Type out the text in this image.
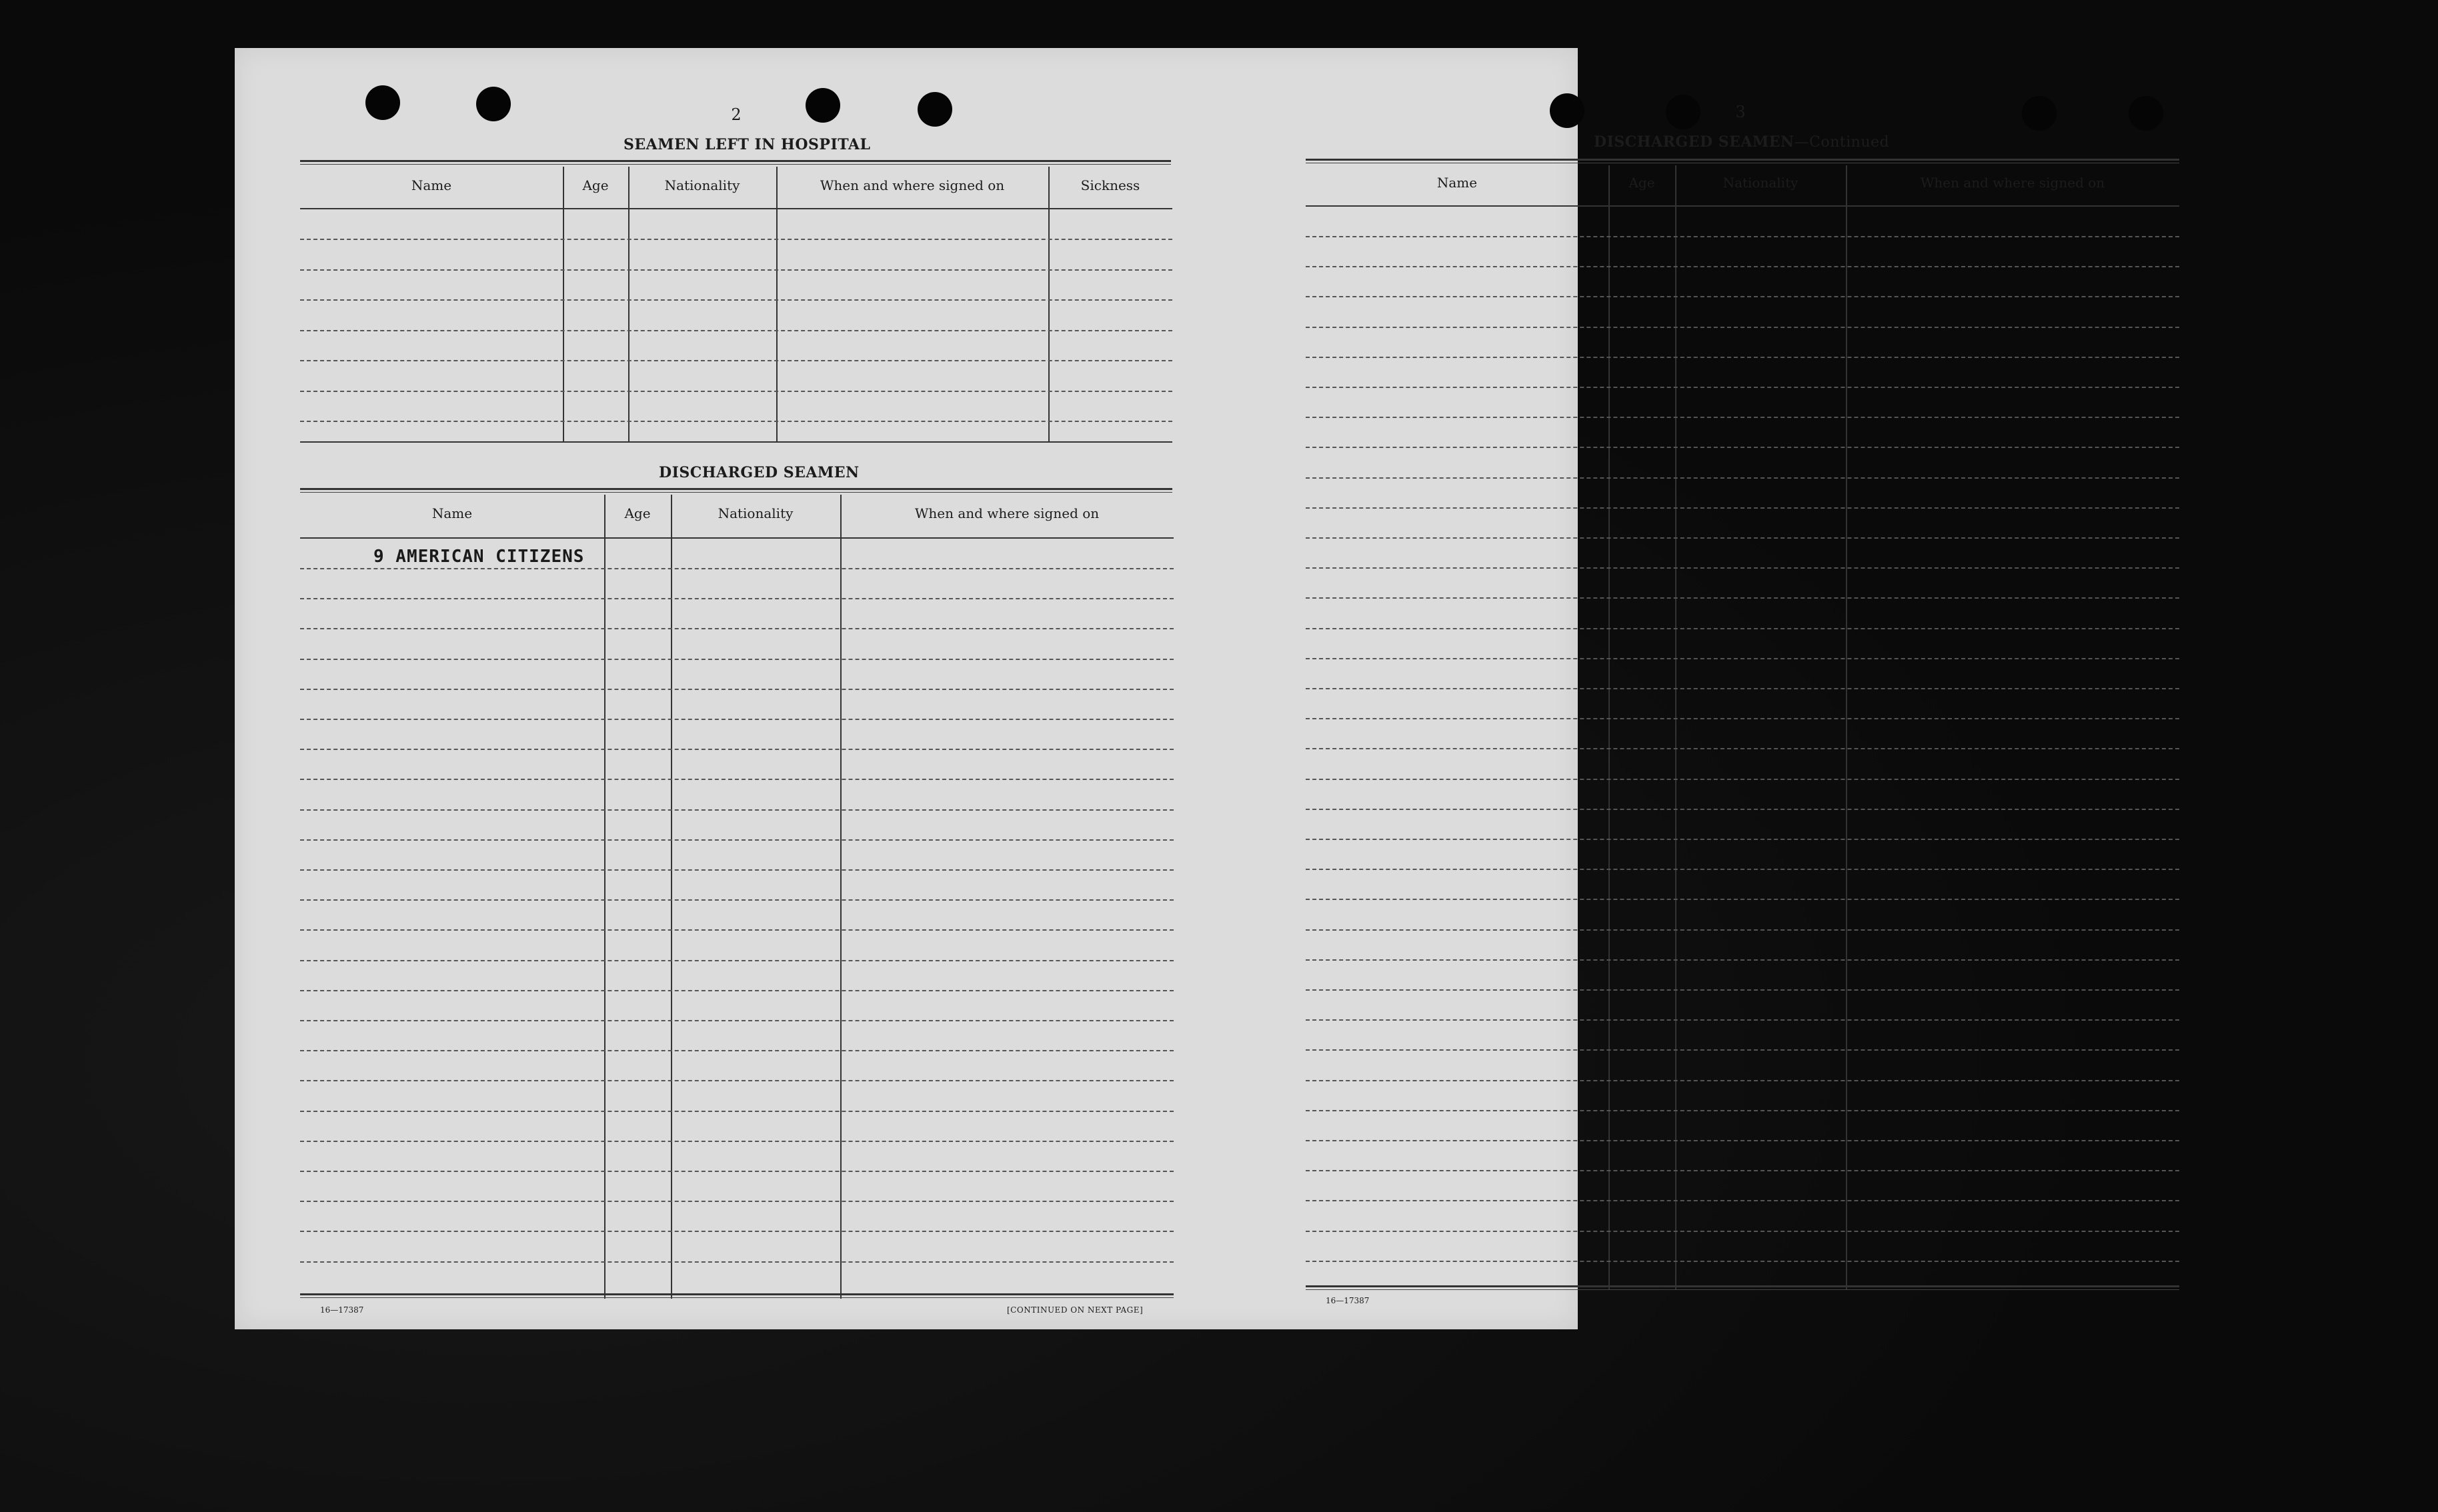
2
SEAMEN LEFT IN HOSPITAL
Name	Age	Nationality	When and where signed on	Sickness
DISCHARGED SEAMEN
Name	Age	Nationality	When and where signed on
9 AMERICAN CITIZENS
16—17387	[CONTINUED ON NEXT PAGE]
3
DISCHARGED SEAMEN—Continued
Name	Age	Nationality	When and where signed on
16—17387
